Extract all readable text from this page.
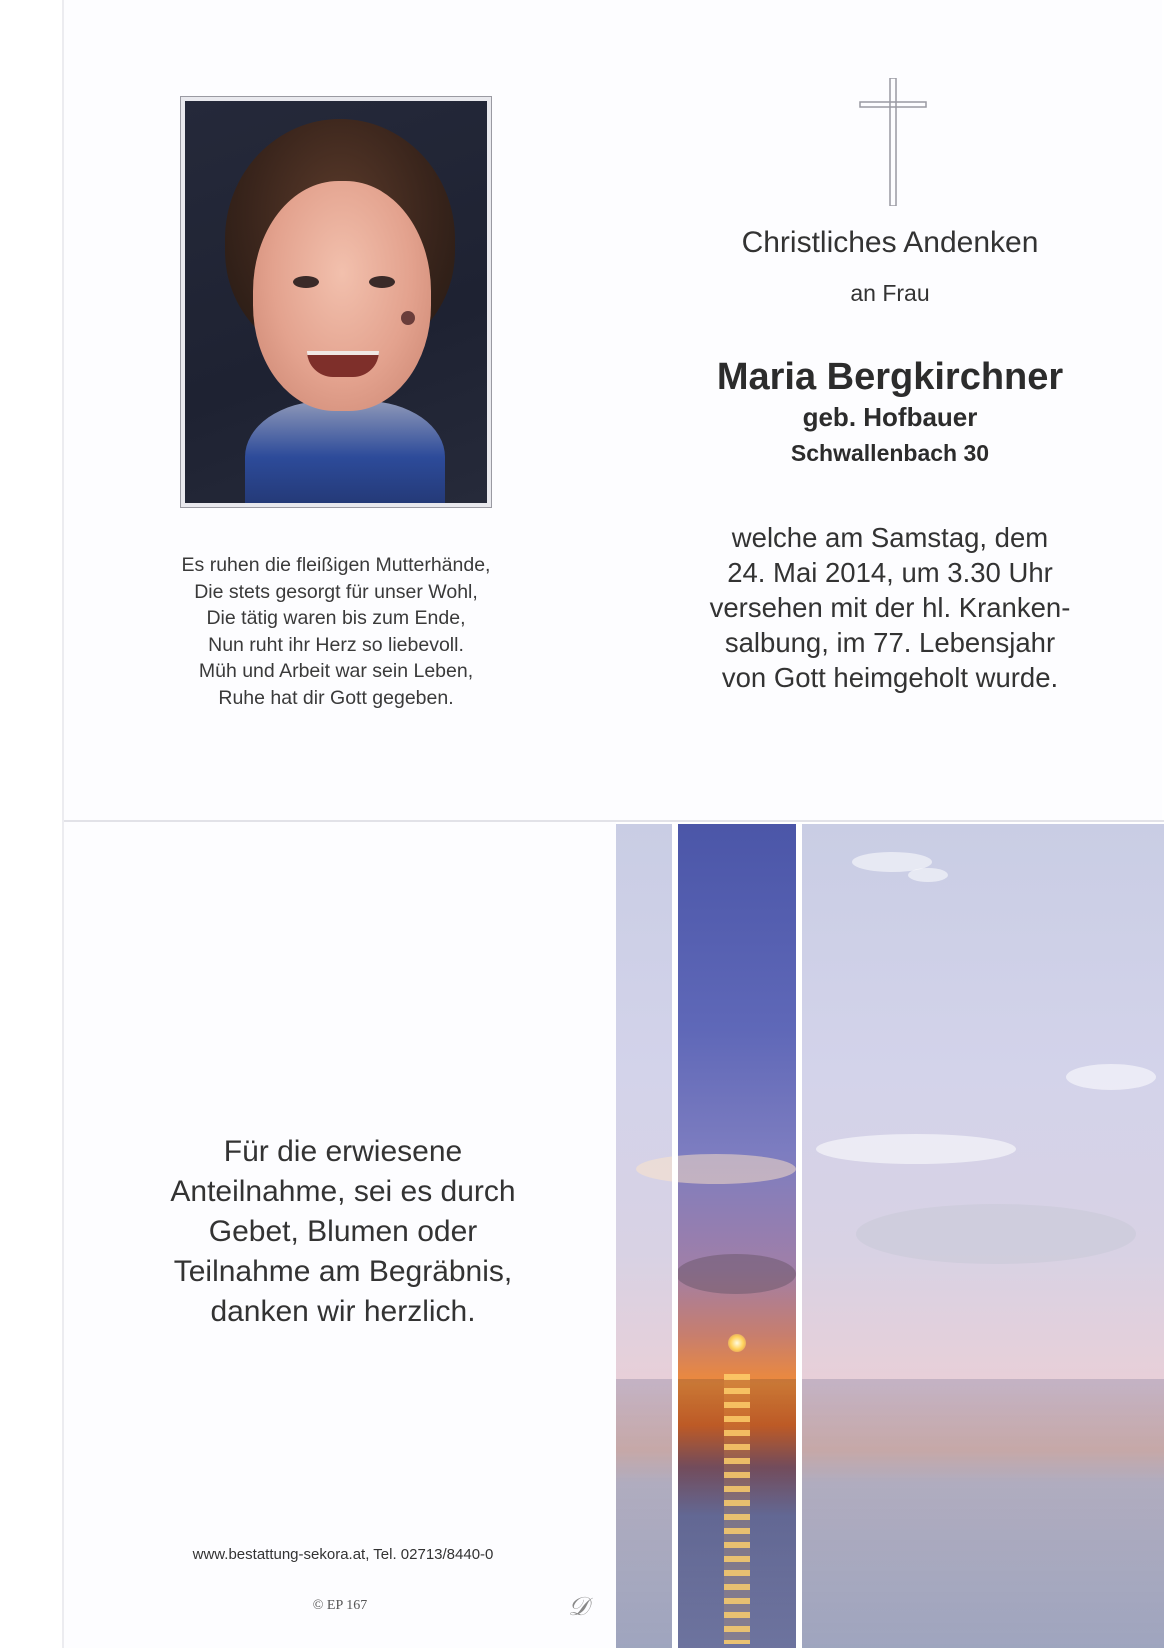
Es ruhen die fleißigen Mutterhände,
Die stets gesorgt für unser Wohl,
Die tätig waren bis zum Ende,
Nun ruht ihr Herz so liebevoll.
Müh und Arbeit war sein Leben,
Ruhe hat dir Gott gegeben.
Christliches Andenken
an Frau
Maria Bergkirchner
geb. Hofbauer
Schwallenbach 30
welche am Samstag, dem
24. Mai 2014, um 3.30 Uhr
versehen mit der hl. Kranken-
salbung, im 77. Lebensjahr
von Gott heimgeholt wurde.
Für die erwiesene
Anteilnahme, sei es durch
Gebet, Blumen oder
Teilnahme am Begräbnis,
danken wir herzlich.
www.bestattung-sekora.at, Tel. 02713/8440-0
© EP 167	𝒟
